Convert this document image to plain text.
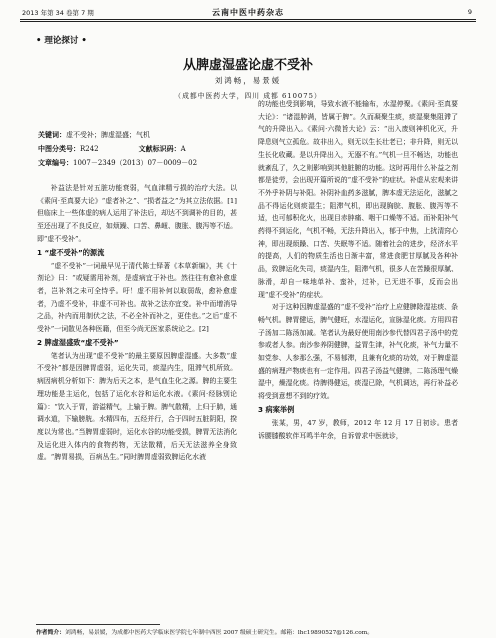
2013 年第 34 卷第 7 期	云南中医中药杂志	9
• 理论探讨 •
从脾虚湿盛论虚不受补
刘鸿畅，易景媛
（成都中医药大学，四川 成都 610075）
关键词：虚不受补；脾虚湿盛；气机
中图分类号：R242	文献标识码：A
文章编号：1007－2349（2013）07－0009－02

补益法是针对五脏功能衰弱，气血津精亏损的治疗大法。以《素问·至真要大论》“虚者补之”、“损者益之”为其立法依据。[1]但临床上一些体虚的病人运用了补法后，却达不到调补的目的，甚至还出现了不良反应，如烦躁、口苦、鼻衄、腹胀、腹泻等不适。即“虚不受补”。

1 “虚不受补”的源流

“虚不受补”一词最早见于清代陈士铎著《本草新编》，其《十剂论》曰：“或疑需用补剂，是虚病宜于补也。然往往有愈补愈虚者，岂补剂之未可全恃乎。吁！虚不用补何以取弱哉，愈补愈虚者，乃虚不受补，非虚不可补也。故补之法亦宜变。补中而增消导之品，补内而用制伏之法，不必全补而补之，更佳也。”之后“虚不受补”一词散见各种医籍，但至今尚无医家系统论之。[2]

2 脾虚湿盛致“虚不受补”

笔者认为出现“虚不受补”的最主要原因脾虚湿盛。大多数“虚不受补”都是因脾胃虚弱，运化失司，痰湿内生，阻滞气机所致。病因病机分析如下：脾为后天之本，是气血生化之源。脾的主要生理功能是主运化，包括了运化水谷和运化水液。《素问·经脉别论篇》：“饮入于胃，游溢精气，上输于脾。脾气散精，上归于肺，通调水道，下输膀胱。水精四布，五经并行，合于四时五脏阴阳，揆度以为常也。”当脾胃虚弱时，运化水谷的功能受损，脾胃无法消化及运化进入体内的食物药物，无法散精，后天无法滋养全身致虚。“脾胃易损，百病丛生。”同时脾胃虚弱致脾运化水液

的功能也受到影响，导致水液不能输布，水湿停聚。《素问·至真要大论》：“诸湿肿满，皆属于脾”。久而凝聚生痰，痰湿聚集阻滞了气的升降出入。《素问·六微旨大论》云：“出入废则神机化灭，升降息则气立孤危。故非出入，则无以生长壮老已；非升降，则无以生长化收藏。是以升降出入，无器不有。”气机一旦不畅达，功能也就紊乱了，久之则影响到其他脏腑的功能。这时再用什么补益之剂都是徒劳，会出现开篇所说的“虚不受补”的症状。补虚从宏观来讲不外乎补阴与补阳。补阴补血药多滋腻，脾本虚无法运化，滋腻之品不得运化则痰湿生；阻滞气机，即出现胸脘、腹胀、腹泻等不适，也可郁积化火，出现目赤肿痛、咽干口燥等不适。而补阳补气药得不到运化，气机不畅，无法升降出入，郁于中焦，上扰清窍心神，即出现烦躁、口苦、失眠等不适。随着社会的进步，经济水平的提高，人们的物质生活也日渐丰富，常进食肥甘厚腻及各种补品，致脾运化失司，痰湿内生，阻滞气机，很多人在苦躁很厚腻、脉滑，却自一味地单补、蛮补，过补，已无进不事，反而会出现“虚不受补”的症状。

对于这种因脾虚湿盛的“虚不受补”治疗上应健脾除湿祛痰、条畅气机。脾胃健运，脾气健旺，水湿运化，宣脉湿化痰。方用四君子汤加二陈汤加减。笔者认为最好使用南沙参代替四君子汤中的党参或者人参。南沙参养阴健脾，益胃生津，补气化痰，补气力量不如党参、人参那么强，不易郁滞，且兼有化痰的功效，对于脾虚湿盛的病理产物痰也有一定作用。四君子汤益气健脾，二陈汤理气燥湿中，燥湿化痰。待脾得健运，痰湿已除，气机调达，再行补益必将受到意想不到的疗效。

3 病案举例

张某，男，47 岁，教师，2012 年 12 月 17 日初诊。患者诉腰膝酸软伴耳鸣半年余，自诉曾求中医就诊，

作者简介：刘鸿畅，易景媛，为成都中医药大学临床医学院七年制中西医 2007 级硕士研究生。邮箱：lhc19890527@126.com。
